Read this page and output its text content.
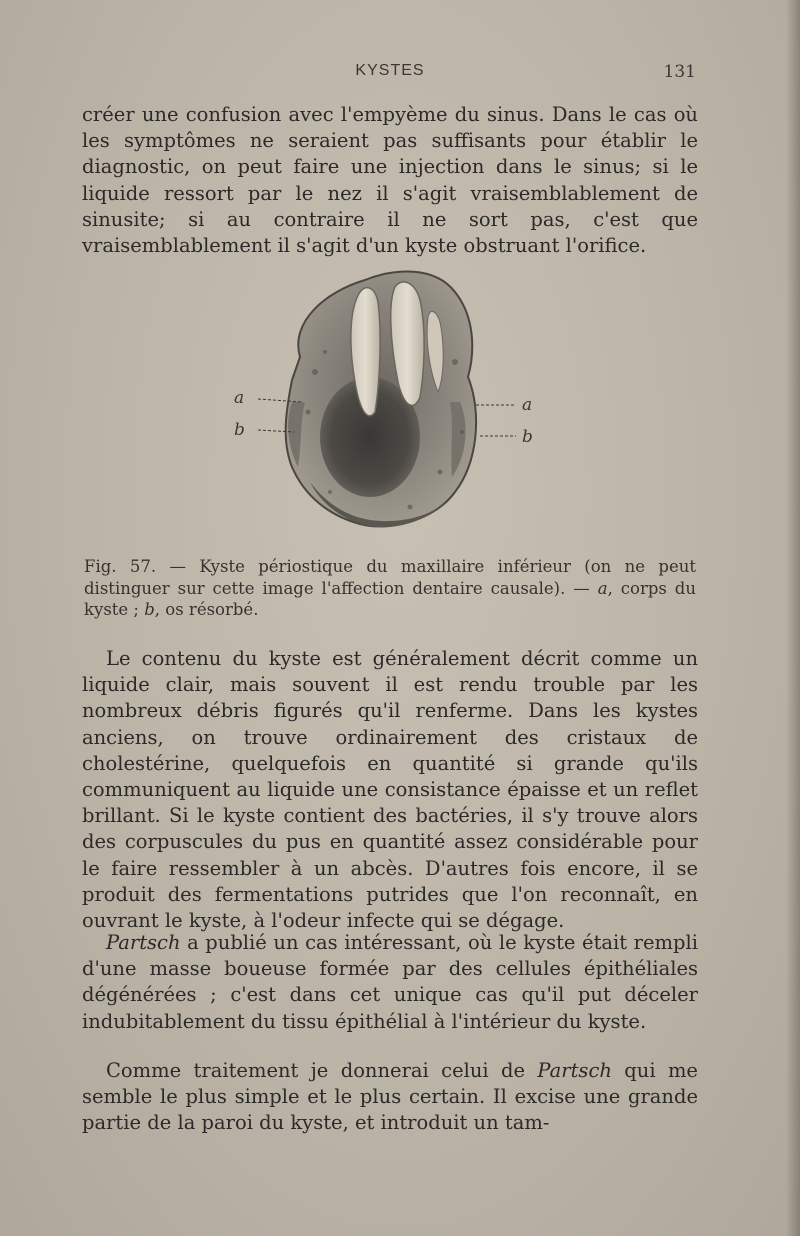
KYSTES	131

créer une confusion avec l'empyème du sinus. Dans le cas où les symptômes ne seraient pas suffisants pour établir le diagnostic, on peut faire une injection dans le sinus; si le liquide ressort par le nez il s'agit vraisemblablement de sinusite; si au contraire il ne sort pas, c'est que vraisemblablement il s'agit d'un kyste obstruant l'orifice.

a
b
a
b

Fig. 57. — Kyste périostique du maxillaire inférieur (on ne peut distinguer sur cette image l'affection dentaire causale). — a, corps du kyste ; b, os résorbé.

Le contenu du kyste est généralement décrit comme un liquide clair, mais souvent il est rendu trouble par les nombreux débris figurés qu'il renferme. Dans les kystes anciens, on trouve ordinairement des cristaux de cholestérine, quelquefois en quantité si grande qu'ils communiquent au liquide une consistance épaisse et un reflet brillant. Si le kyste contient des bactéries, il s'y trouve alors des corpuscules du pus en quantité assez considérable pour le faire ressembler à un abcès. D'autres fois encore, il se produit des fermentations putrides que l'on reconnaît, en ouvrant le kyste, à l'odeur infecte qui se dégage.

Partsch a publié un cas intéressant, où le kyste était rempli d'une masse boueuse formée par des cellules épithéliales dégénérées ; c'est dans cet unique cas qu'il put déceler indubitablement du tissu épithélial à l'intérieur du kyste.

Comme traitement je donnerai celui de Partsch qui me semble le plus simple et le plus certain. Il excise une grande partie de la paroi du kyste, et introduit un tam-
